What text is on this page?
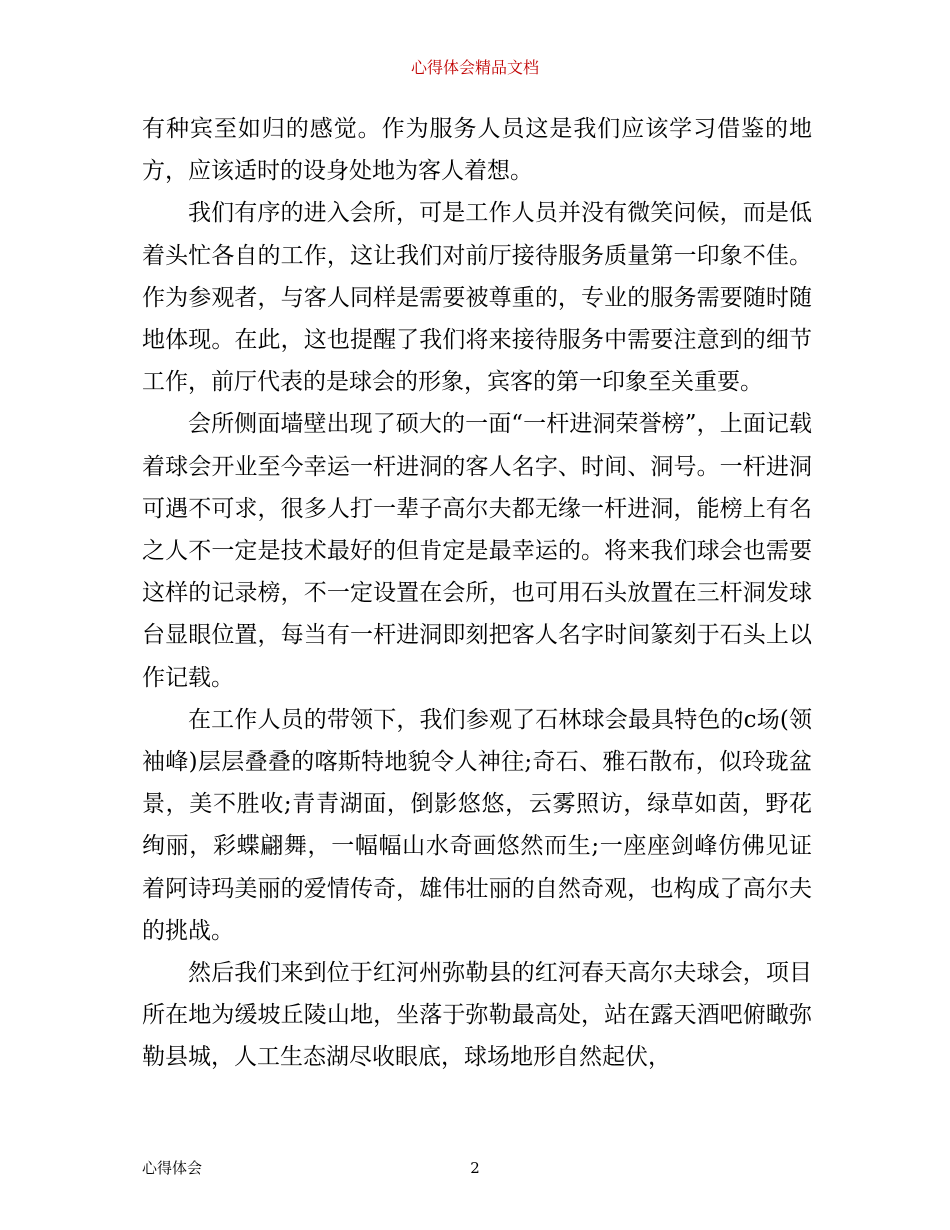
心得体会精品文档

有种宾至如归的感觉。作为服务人员这是我们应该学习借鉴的地方，应该适时的设身处地为客人着想。

我们有序的进入会所，可是工作人员并没有微笑问候，而是低着头忙各自的工作，这让我们对前厅接待服务质量第一印象不佳。作为参观者，与客人同样是需要被尊重的，专业的服务需要随时随地体现。在此，这也提醒了我们将来接待服务中需要注意到的细节工作，前厅代表的是球会的形象，宾客的第一印象至关重要。

会所侧面墙壁出现了硕大的一面“一杆进洞荣誉榜”，上面记载着球会开业至今幸运一杆进洞的客人名字、时间、洞号。一杆进洞可遇不可求，很多人打一辈子高尔夫都无缘一杆进洞，能榜上有名之人不一定是技术最好的但肯定是最幸运的。将来我们球会也需要这样的记录榜，不一定设置在会所，也可用石头放置在三杆洞发球台显眼位置，每当有一杆进洞即刻把客人名字时间篆刻于石头上以作记载。

在工作人员的带领下，我们参观了石林球会最具特色的c场(领袖峰)层层叠叠的喀斯特地貌令人神往;奇石、雅石散布，似玲珑盆景，美不胜收;青青湖面，倒影悠悠，云雾照访，绿草如茵，野花绚丽，彩蝶翩舞，一幅幅山水奇画悠然而生;一座座剑峰仿佛见证着阿诗玛美丽的爱情传奇，雄伟壮丽的自然奇观，也构成了高尔夫的挑战。

然后我们来到位于红河州弥勒县的红河春天高尔夫球会，项目所在地为缓坡丘陵山地，坐落于弥勒最高处，站在露天酒吧俯瞰弥勒县城，人工生态湖尽收眼底，球场地形自然起伏，

心得体会	2
